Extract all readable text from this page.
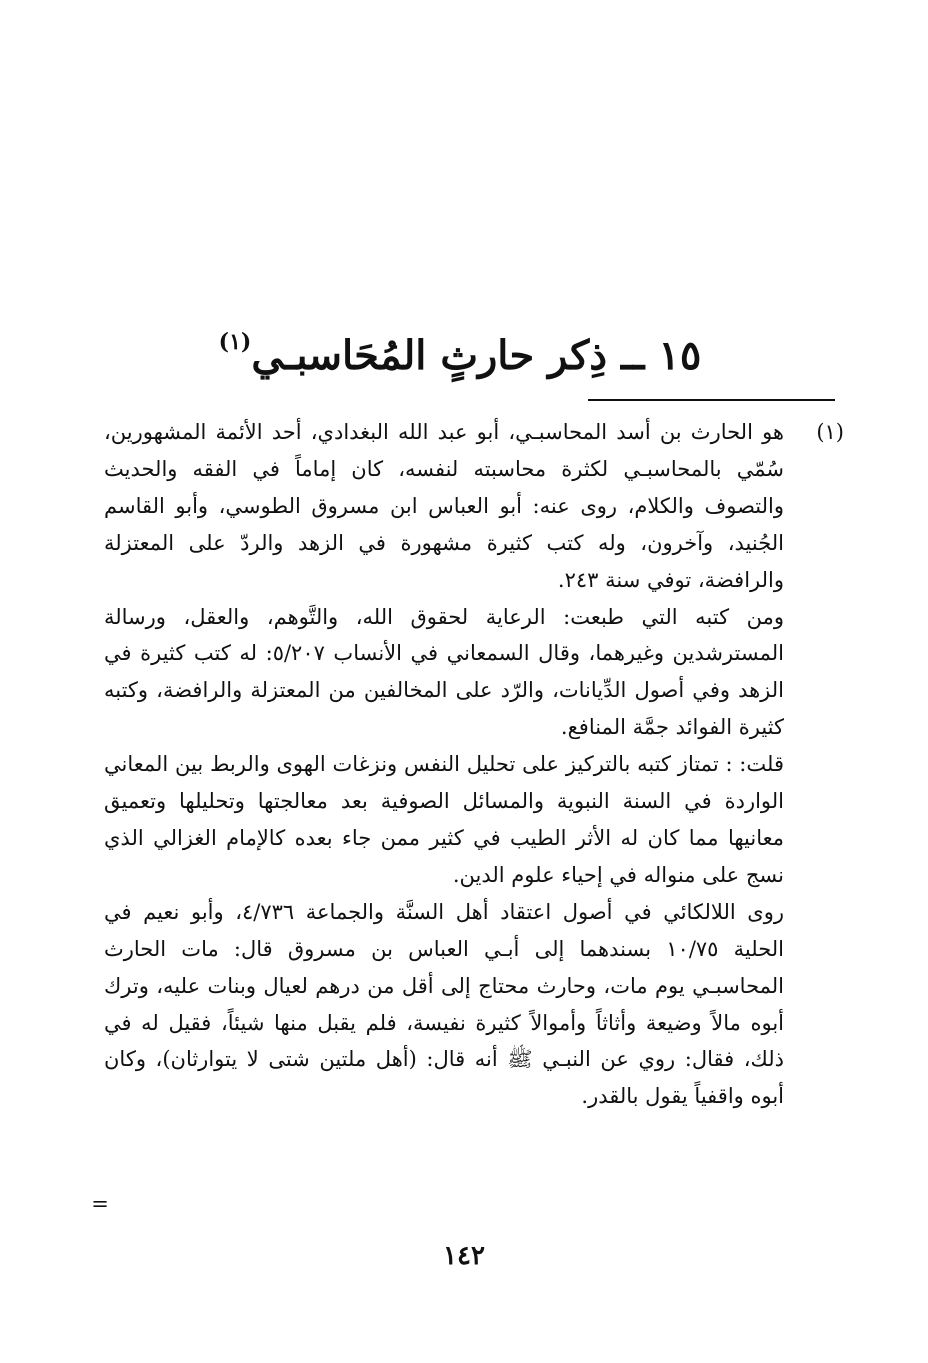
١٥ ــ ذِكر حارثٍ المُحَاسبـي$^{(١)}$
(١)

هو الحارث بن أسد المحاسبـي، أبو عبد الله البغدادي، أحد الأئمة المشهورين، سُمّي بالمحاسبـي لكثرة محاسبته لنفسه، كان إماماً في الفقه والحديث والتصوف والكلام، روى عنه: أبو العباس ابن مسروق الطوسي، وأبو القاسم الجُنيد، وآخرون، وله كتب كثيرة مشهورة في الزهد والردّ على المعتزلة والرافضة، توفي سنة ٢٤٣.

ومن كتبه التي طبعت: الرعاية لحقوق الله، والتَّوهم، والعقل، ورسالة المسترشدين وغيرهما، وقال السمعاني في الأنساب ٥/٢٠٧: له كتب كثيرة في الزهد وفي أصول الدِّيانات، والرّد على المخالفين من المعتزلة والرافضة، وكتبه كثيرة الفوائد جمَّة المنافع.

قلت: : تمتاز كتبه بالتركيز على تحليل النفس ونزغات الهوى والربط بين المعاني الواردة في السنة النبوية والمسائل الصوفية بعد معالجتها وتحليلها وتعميق معانيها مما كان له الأثر الطيب في كثير ممن جاء بعده كالإمام الغزالي الذي نسج على منواله في إحياء علوم الدين.

روى اللالكائي في أصول اعتقاد أهل السنَّة والجماعة ٤/٧٣٦، وأبو نعيم في الحلية ١٠/٧٥ بسندهما إلى أبـي العباس بن مسروق قال: مات الحارث المحاسبـي يوم مات، وحارث محتاج إلى أقل من درهم لعيال وبنات عليه، وترك أبوه مالاً وضيعة وأثاثاً وأموالاً كثيرة نفيسة، فلم يقبل منها شيئاً، فقيل له في ذلك، فقال: روي عن النبـي ﷺ أنه قال: (أهل ملتين شتى لا يتوارثان)، وكان أبوه واقفياً يقول بالقدر.

=
١٤٢
